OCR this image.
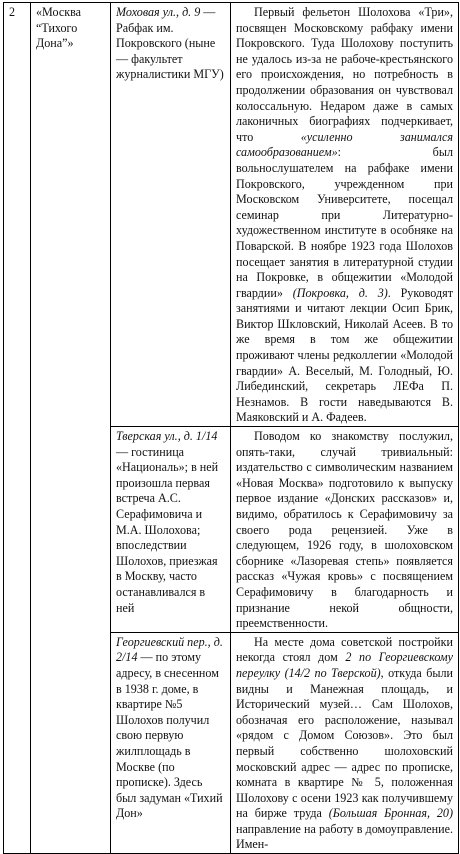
2	«Москва “Тихого Дона”»	Моховая ул., д. 9 — Рабфак им. Покровского (ныне — факультет журналистики МГУ)	Первый фельетон Шолохова «Три», посвящен Московскому рабфаку имени Покровского. Туда Шолохову поступить не удалось из-за не рабоче-крестьянского его происхождения, но потребность в продолжении образования он чувствовал колоссальную. Недаром даже в самых лаконичных биографиях подчеркивает, что «усиленно занимался самообразованием»: был вольнослушателем на рабфаке имени Покровского, учрежденном при Московском Университете, посещал семинар при Литературно-художественном институте в особняке на Поварской. В ноябре 1923 года Шолохов посещает занятия в литературной студии на Покровке, в общежитии «Молодой гвардии» (Покровка, д. 3). Руководят занятиями и читают лекции Осип Брик, Виктор Шкловский, Николай Асеев. В то же время в том же общежитии проживают члены редколлегии «Молодой гвардии» А. Веселый, М. Голодный, Ю. Либединский, секретарь ЛЕФа П. Незнамов. В гости наведываются В. Маяковский и А. Фадеев.

		Тверская ул., д. 1/14 — гостиница «Националь»; в ней произошла первая встреча А.С. Серафимовича и М.А. Шолохова; впоследствии Шолохов, приезжая в Москву, часто останавливался в ней	Поводом ко знакомству послужил, опять-таки, случай тривиальный: издательство с символическим названием «Новая Москва» подготовило к выпуску первое издание «Донских рассказов» и, видимо, обратилось к Серафимовичу за своего рода рецензией. Уже в следующем, 1926 году, в шолоховском сборнике «Лазоревая степь» появляется рассказ «Чужая кровь» с посвящением Серафимовичу в благодарность и признание некой общности, преемственности.

		Георгиевский пер., д. 2/14 — по этому адресу, в снесенном в 1938 г. доме, в квартире №5 Шолохов получил свою первую жилплощадь в Москве (по прописке). Здесь был задуман «Тихий Дон»	На месте дома советской постройки некогда стоял дом 2 по Георгиевскому переулку (14/2 по Тверской), откуда были видны и Манежная площадь, и Исторический музей… Сам Шолохов, обозначая его расположение, называл «рядом с Домом Союзов». Это был первый собственно шолоховский московский адрес — адрес по прописке, комната в квартире № 5, положенная Шолохову с осени 1923 как получившему на бирже труда (Большая Бронная, 20) направление на работу в домоуправление. Имен-
